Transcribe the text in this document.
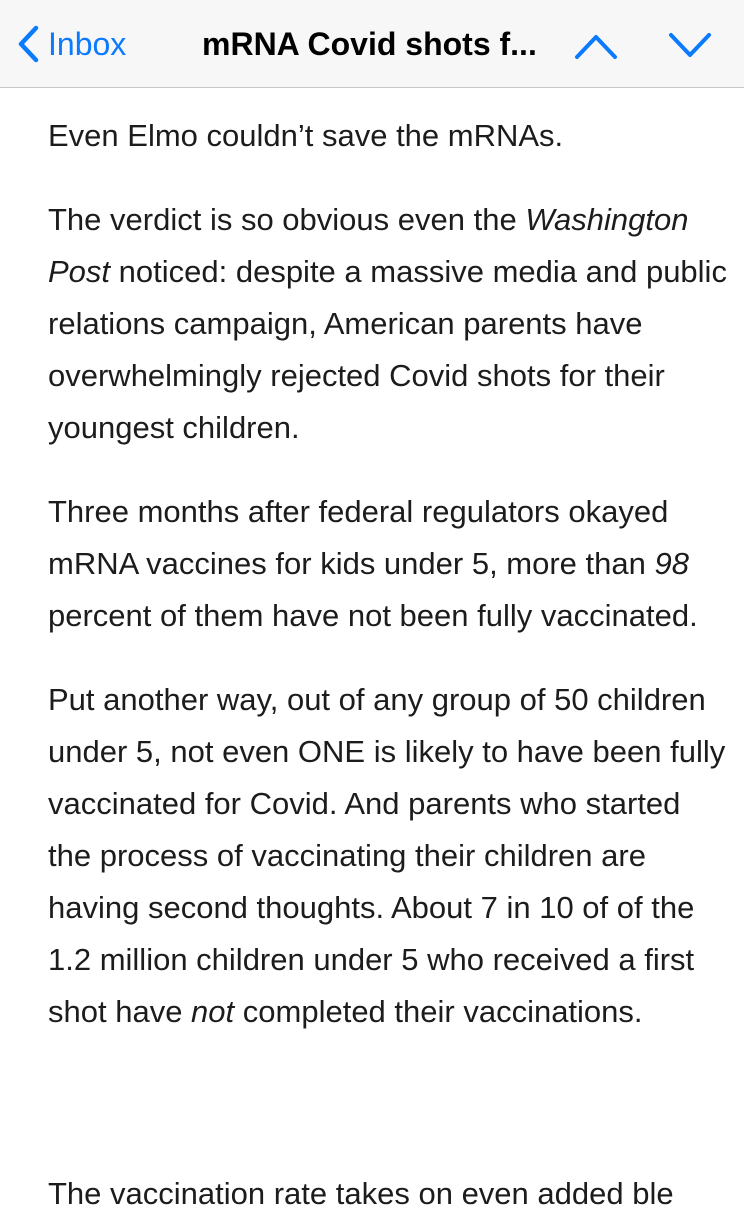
Inbox mRNA Covid shots f...

Even Elmo couldn’t save the mRNAs.

The verdict is so obvious even the Washington Post noticed: despite a massive media and public relations campaign, American parents have overwhelmingly rejected Covid shots for their youngest children.

Three months after federal regulators okayed mRNA vaccines for kids under 5, more than 98 percent of them have not been fully vaccinated.

Put another way, out of any group of 50 children under 5, not even ONE is likely to have been fully vaccinated for Covid. And parents who started the process of vaccinating their children are having second thoughts. About 7 in 10 of of the 1.2 million children under 5 who received a first shot have not completed their vaccinations.

The vaccination rate takes on even added ble
